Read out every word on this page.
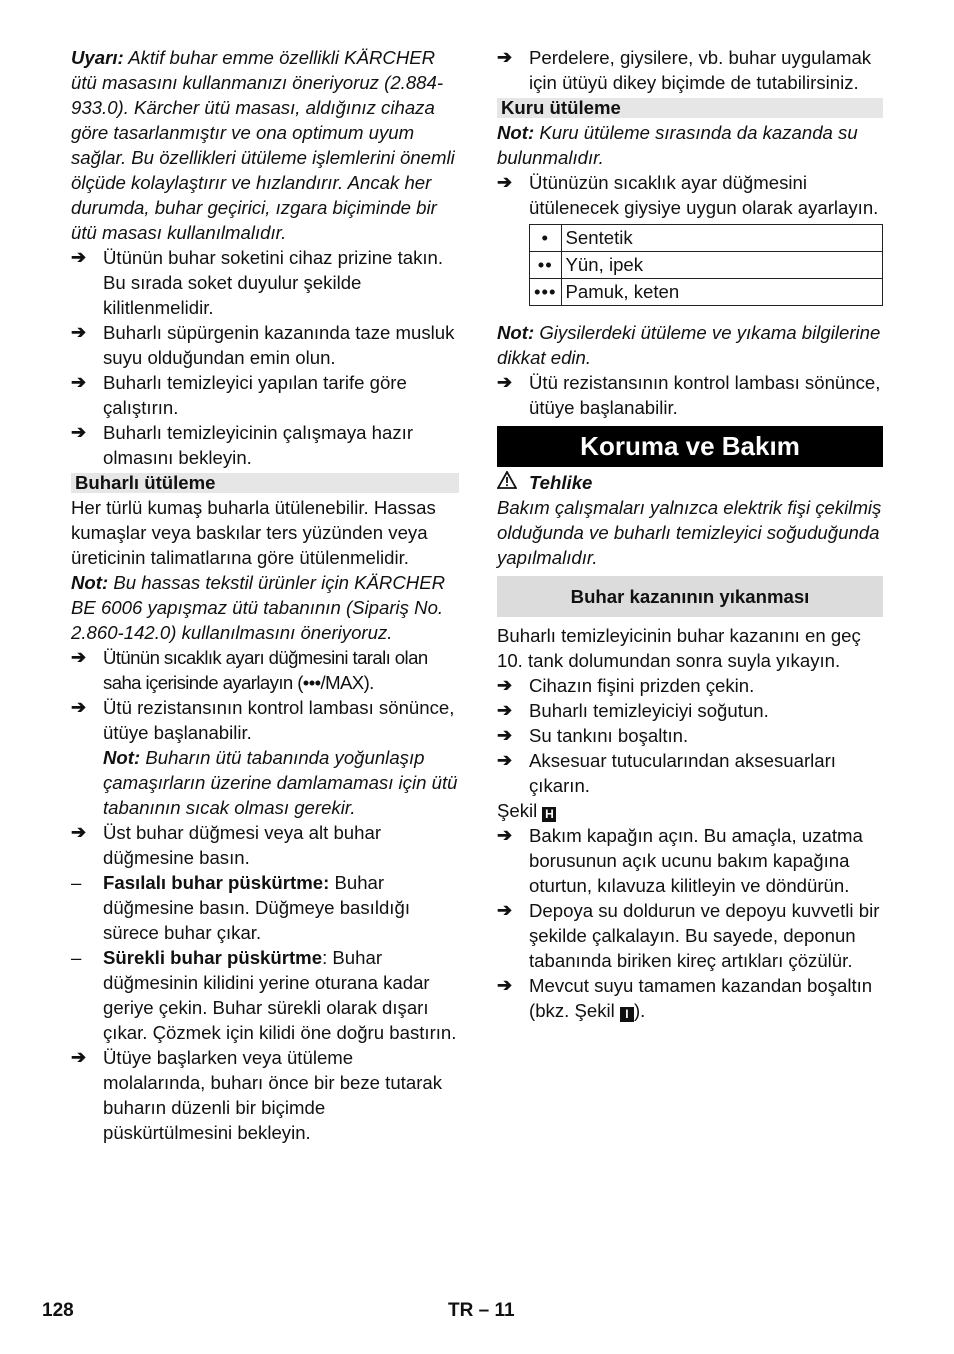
Uyarı: Aktif buhar emme özellikli KÄRCHER ütü masasını kullanmanızı öneriyoruz (2.884-933.0). Kärcher ütü masası, aldığınız cihaza göre tasarlanmıştır ve ona optimum uyum sağlar. Bu özellikleri ütüleme işlemlerini önemli ölçüde kolaylaştırır ve hızlandırır. Ancak her durumda, buhar geçirici, ızgara biçiminde bir ütü masası kullanılmalıdır.

➔ Ütünün buhar soketini cihaz prizine takın. Bu sırada soket duyulur şekilde kilitlenmelidir.
➔ Buharlı süpürgenin kazanında taze musluk suyu olduğundan emin olun.
➔ Buharlı temizleyici yapılan tarife göre çalıştırın.
➔ Buharlı temizleyicinin çalışmaya hazır olmasını bekleyin.
Buharlı ütüleme

Her türlü kumaş buharla ütülenebilir. Hassas kumaşlar veya baskılar ters yüzünden veya üreticinin talimatlarına göre ütülenmelidir.

Not: Bu hassas tekstil ürünler için KÄRCHER BE 6006 yapışmaz ütü tabanının (Sipariş No. 2.860-142.0) kullanılmasını öneriyoruz.

➔ Ütünün sıcaklık ayarı düğmesini taralı olan saha içerisinde ayarlayın (•••/MAX).
➔ Ütü rezistansının kontrol lambası sönünce, ütüye başlanabilir.

Not: Buharın ütü tabanında yoğunlaşıp çamaşırların üzerine damlamaması için ütü tabanının sıcak olması gerekir.

➔ Üst buhar düğmesi veya alt buhar düğmesine basın.
–	Fasılalı buhar püskürtme: Buhar düğmesine basın. Düğmeye basıldığı sürece buhar çıkar.
–	Sürekli buhar püskürtme: Buhar düğmesinin kilidini yerine oturana kadar geriye çekin. Buhar sürekli olarak dışarı çıkar. Çözmek için kilidi öne doğru bastırın.
➔ Ütüye başlarken veya ütüleme molalarında, buharı önce bir beze tutarak buharın düzenli bir biçimde püskürtülmesini bekleyin.
➔ Perdelere, giysilere, vb. buhar uygulamak için ütüyü dikey biçimde de tutabilirsiniz.
Kuru ütüleme

Not: Kuru ütüleme sırasında da kazanda su bulunmalıdır.

➔ Ütünüzün sıcaklık ayar düğmesini ütülenecek giysiye uygun olarak ayarlayın.
•	Sentetik
••	Yün, ipek
•••	Pamuk, keten

Not: Giysilerdeki ütüleme ve yıkama bilgilerine dikkat edin.

➔ Ütü rezistansının kontrol lambası sönünce, ütüye başlanabilir.
Koruma ve Bakım
Tehlike

Bakım çalışmaları yalnızca elektrik fişi çekilmiş olduğunda ve buharlı temizleyici soğuduğunda yapılmalıdır.

Buhar kazanının yıkanması

Buharlı temizleyicinin buhar kazanını en geç 10. tank dolumundan sonra suyla yıkayın.

➔ Cihazın fişini prizden çekin.
➔ Buharlı temizleyiciyi soğutun.
➔ Su tankını boşaltın.
➔ Aksesuar tutucularından aksesuarları çıkarın.

Şekil H

➔ Bakım kapağın açın. Bu amaçla, uzatma borusunun açık ucunu bakım kapağına oturtun, kılavuza kilitleyin ve döndürün.
➔ Depoya su doldurun ve depoyu kuvvetli bir şekilde çalkalayın. Bu sayede, deponun tabanında biriken kireç artıkları çözülür.
➔ Mevcut suyu tamamen kazandan boşaltın (bkz. Şekil I ).
128	TR – 11
